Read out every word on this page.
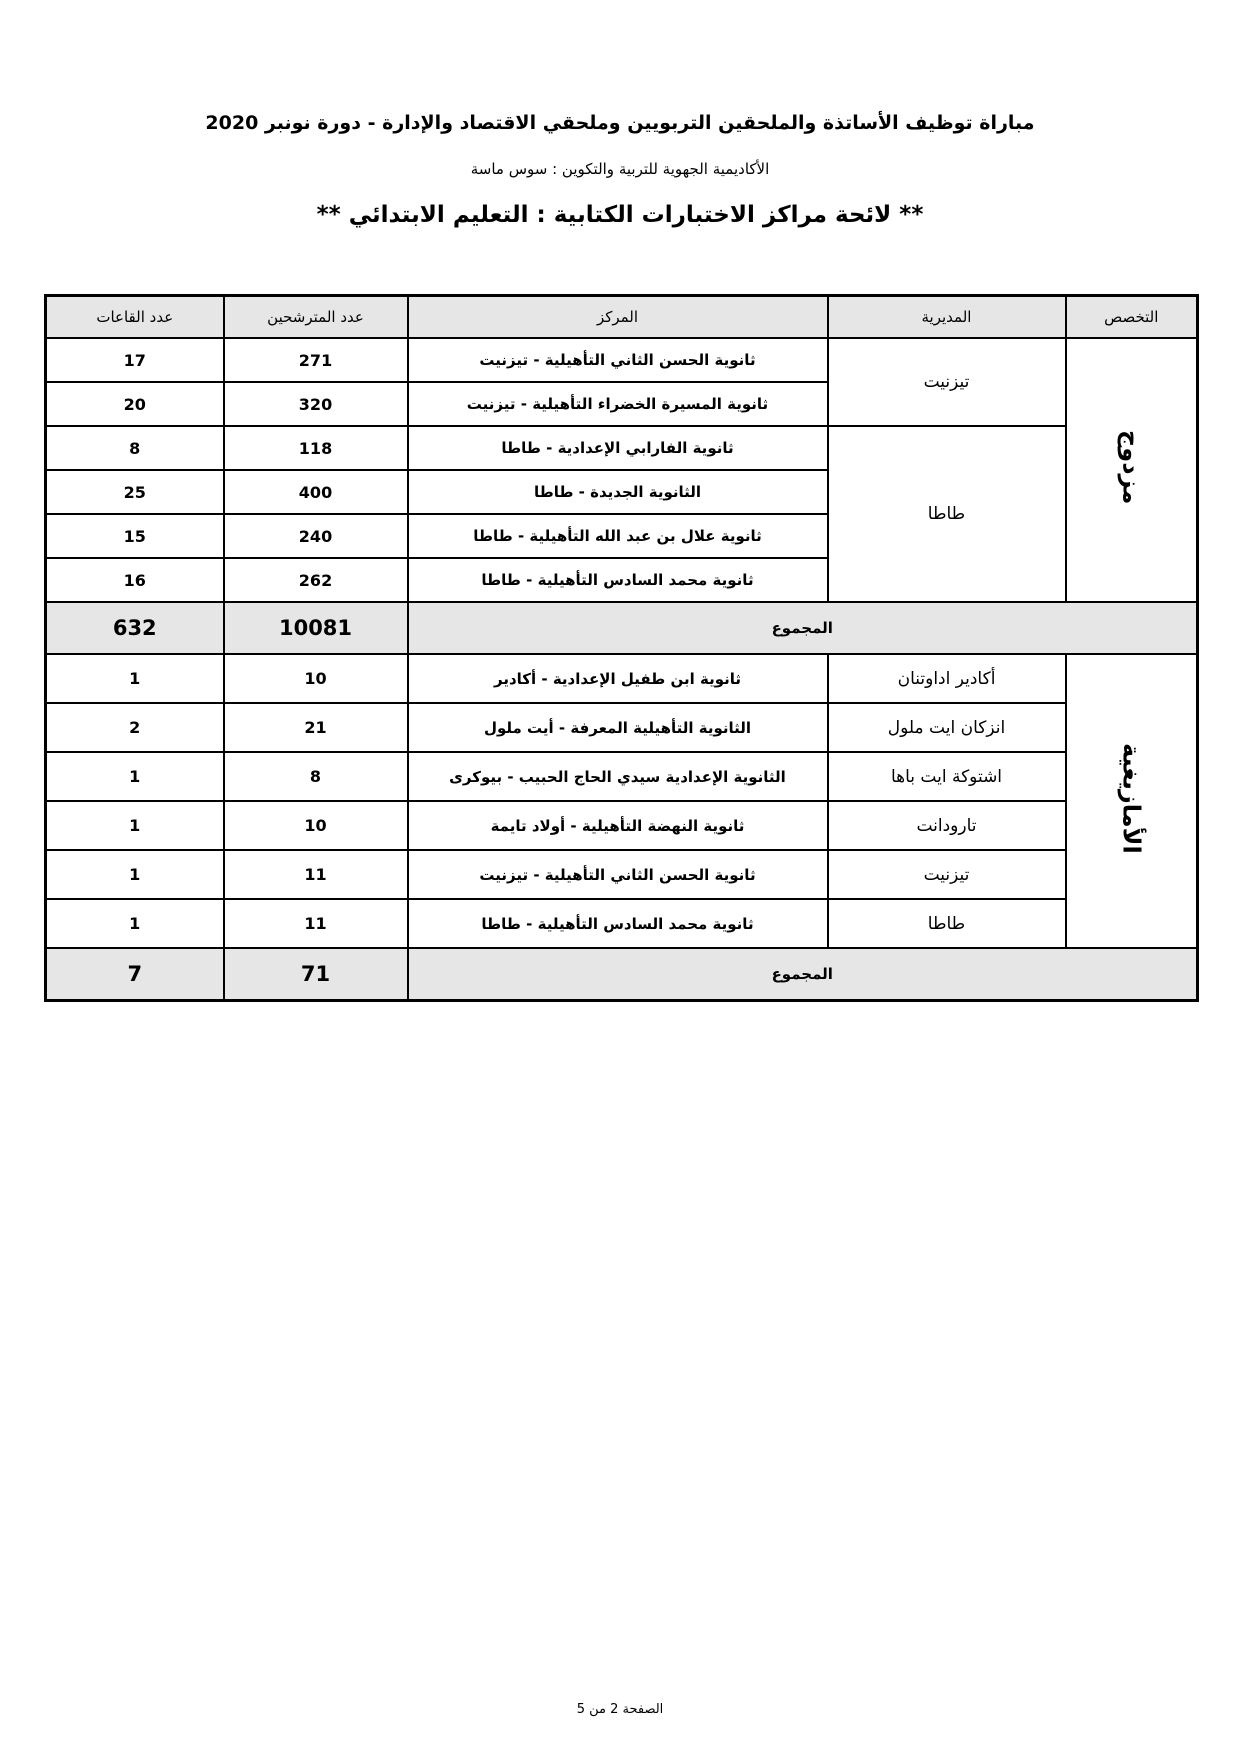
مباراة توظيف الأساتذة والملحقين التربويين وملحقي الاقتصاد والإدارة - دورة نونبر 2020
الأكاديمية الجهوية للتربية والتكوين : سوس ماسة
** لائحة مراكز الاختبارات الكتابية : التعليم الابتدائي **
عدد القاعات	عدد المترشحين	المركز	المديرية	التخصص
17	271	ثانوية الحسن الثاني التأهيلية - تيزنيت	تيزنيت	مزدوج
20	320	ثانوية المسيرة الخضراء التأهيلية - تيزنيت		
8	118	ثانوية الفارابي الإعدادية - طاطا	طاطا	
25	400	الثانوية الجديدة - طاطا		
15	240	ثانوية علال بن عبد الله التأهيلية - طاطا		
16	262	ثانوية محمد السادس التأهيلية - طاطا		
632	10081	المجموع		
1	10	ثانوية ابن طفيل الإعدادية - أكادير	أكادير اداوتنان	الأمازيغية
2	21	الثانوية التأهيلية المعرفة - أيت ملول	انزكان ايت ملول	
1	8	الثانوية الإعدادية سيدي الحاج الحبيب - بيوكرى	اشتوكة ايت باها	
1	10	ثانوية النهضة التأهيلية - أولاد تايمة	تارودانت	
1	11	ثانوية الحسن الثاني التأهيلية - تيزنيت	تيزنيت	
1	11	ثانوية محمد السادس التأهيلية - طاطا	طاطا	
7	71	المجموع		
الصفحة 2 من 5
